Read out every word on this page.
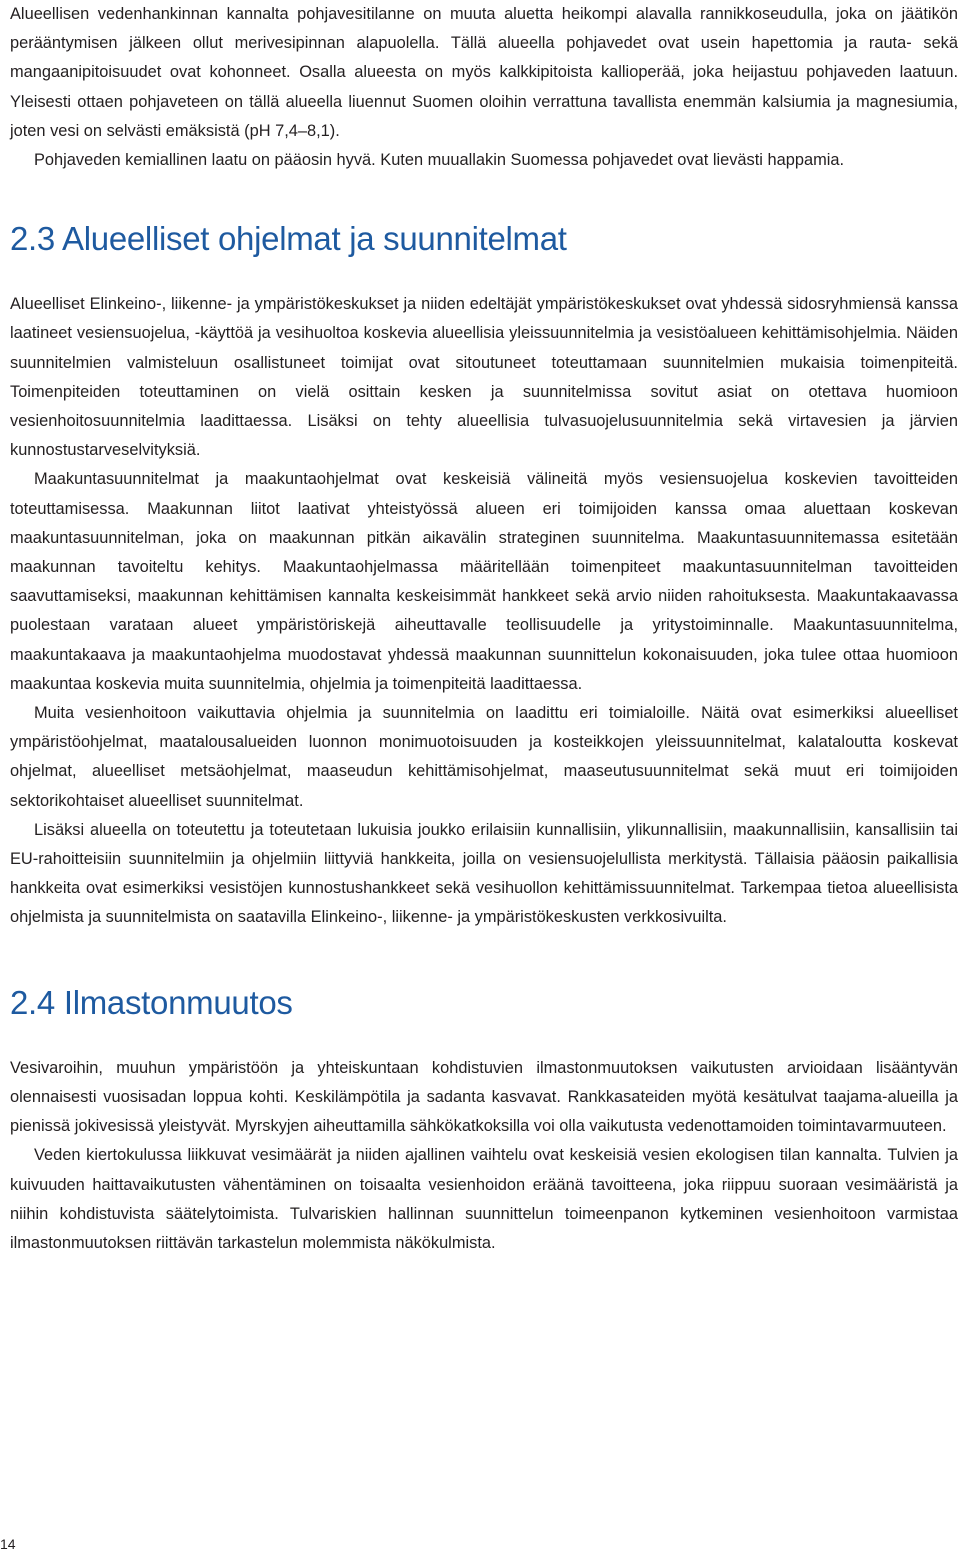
Alueellisen vedenhankinnan kannalta pohjavesitilanne on muuta aluetta heikompi alavalla rannikkoseudulla, joka on jäätikön perääntymisen jälkeen ollut merivesipinnan alapuolella. Tällä alueella pohjavedet ovat usein hapettomia ja rauta- sekä mangaanipitoisuudet ovat kohonneet. Osalla alueesta on myös kalkkipitoista kallioperää, joka heijastuu pohjaveden laatuun. Yleisesti ottaen pohjaveteen on tällä alueella liuennut Suomen oloihin verrattuna tavallista enemmän kalsiumia ja magnesiumia, joten vesi on selvästi emäksistä (pH 7,4–8,1).

Pohjaveden kemiallinen laatu on pääosin hyvä. Kuten muuallakin Suomessa pohjavedet ovat lievästi happamia.

2.3 Alueelliset ohjelmat ja suunnitelmat

Alueelliset Elinkeino-, liikenne- ja ympäristökeskukset ja niiden edeltäjät ympäristökeskukset ovat yhdessä sidosryhmiensä kanssa laatineet vesiensuojelua, -käyttöä ja vesihuoltoa koskevia alueellisia yleissuunnitelmia ja vesistöalueen kehittämisohjelmia. Näiden suunnitelmien valmisteluun osallistuneet toimijat ovat sitoutuneet toteuttamaan suunnitelmien mukaisia toimenpiteitä. Toimenpiteiden toteuttaminen on vielä osittain kesken ja suunnitelmissa sovitut asiat on otettava huomioon vesienhoitosuunnitelmia laadittaessa. Lisäksi on tehty alueellisia tulvasuojelusuunnitelmia sekä virtavesien ja järvien kunnostustarveselvityksiä.

Maakuntasuunnitelmat ja maakuntaohjelmat ovat keskeisiä välineitä myös vesiensuojelua koskevien tavoitteiden toteuttamisessa. Maakunnan liitot laativat yhteistyössä alueen eri toimijoiden kanssa omaa aluettaan koskevan maakuntasuunnitelman, joka on maakunnan pitkän aikavälin strateginen suunnitelma. Maakuntasuunnitemassa esitetään maakunnan tavoiteltu kehitys. Maakuntaohjelmassa määritellään toimenpiteet maakuntasuunnitelman tavoitteiden saavuttamiseksi, maakunnan kehittämisen kannalta keskeisimmät hankkeet sekä arvio niiden rahoituksesta. Maakuntakaavassa puolestaan varataan alueet ympäristöriskejä aiheuttavalle teollisuudelle ja yritystoiminnalle. Maakuntasuunnitelma, maakuntakaava ja maakuntaohjelma muodostavat yhdessä maakunnan suunnittelun kokonaisuuden, joka tulee ottaa huomioon maakuntaa koskevia muita suunnitelmia, ohjelmia ja toimenpiteitä laadittaessa.

Muita vesienhoitoon vaikuttavia ohjelmia ja suunnitelmia on laadittu eri toimialoille. Näitä ovat esimerkiksi alueelliset ympäristöohjelmat, maatalousalueiden luonnon monimuotoisuuden ja kosteikkojen yleissuunnitelmat, kalataloutta koskevat ohjelmat, alueelliset metsäohjelmat, maaseudun kehittämisohjelmat, maaseutusuunnitelmat sekä muut eri toimijoiden sektorikohtaiset alueelliset suunnitelmat.

Lisäksi alueella on toteutettu ja toteutetaan lukuisia joukko erilaisiin kunnallisiin, ylikunnallisiin, maakunnallisiin, kansallisiin tai EU-rahoitteisiin suunnitelmiin ja ohjelmiin liittyviä hankkeita, joilla on vesiensuojelullista merkitystä. Tällaisia pääosin paikallisia hankkeita ovat esimerkiksi vesistöjen kunnostushankkeet sekä vesihuollon kehittämissuunnitelmat. Tarkempaa tietoa alueellisista ohjelmista ja suunnitelmista on saatavilla Elinkeino-, liikenne- ja ympäristökeskusten verkkosivuilta.

2.4 Ilmastonmuutos

Vesivaroihin, muuhun ympäristöön ja yhteiskuntaan kohdistuvien ilmastonmuutoksen vaikutusten arvioidaan lisääntyvän olennaisesti vuosisadan loppua kohti. Keskilämpötila ja sadanta kasvavat. Rankkasateiden myötä kesätulvat taajama-alueilla ja pienissä jokivesissä yleistyvät. Myrskyjen aiheuttamilla sähkökatkoksilla voi olla vaikutusta vedenottamoiden toimintavarmuuteen.

Veden kiertokulussa liikkuvat vesimäärät ja niiden ajallinen vaihtelu ovat keskeisiä vesien ekologisen tilan kannalta. Tulvien ja kuivuuden haittavaikutusten vähentäminen on toisaalta vesienhoidon eräänä tavoitteena, joka riippuu suoraan vesimääristä ja niihin kohdistuvista säätelytoimista. Tulvariskien hallinnan suunnittelun toimeenpanon kytkeminen vesienhoitoon varmistaa ilmastonmuutoksen riittävän tarkastelun molemmista näkökulmista.

14
